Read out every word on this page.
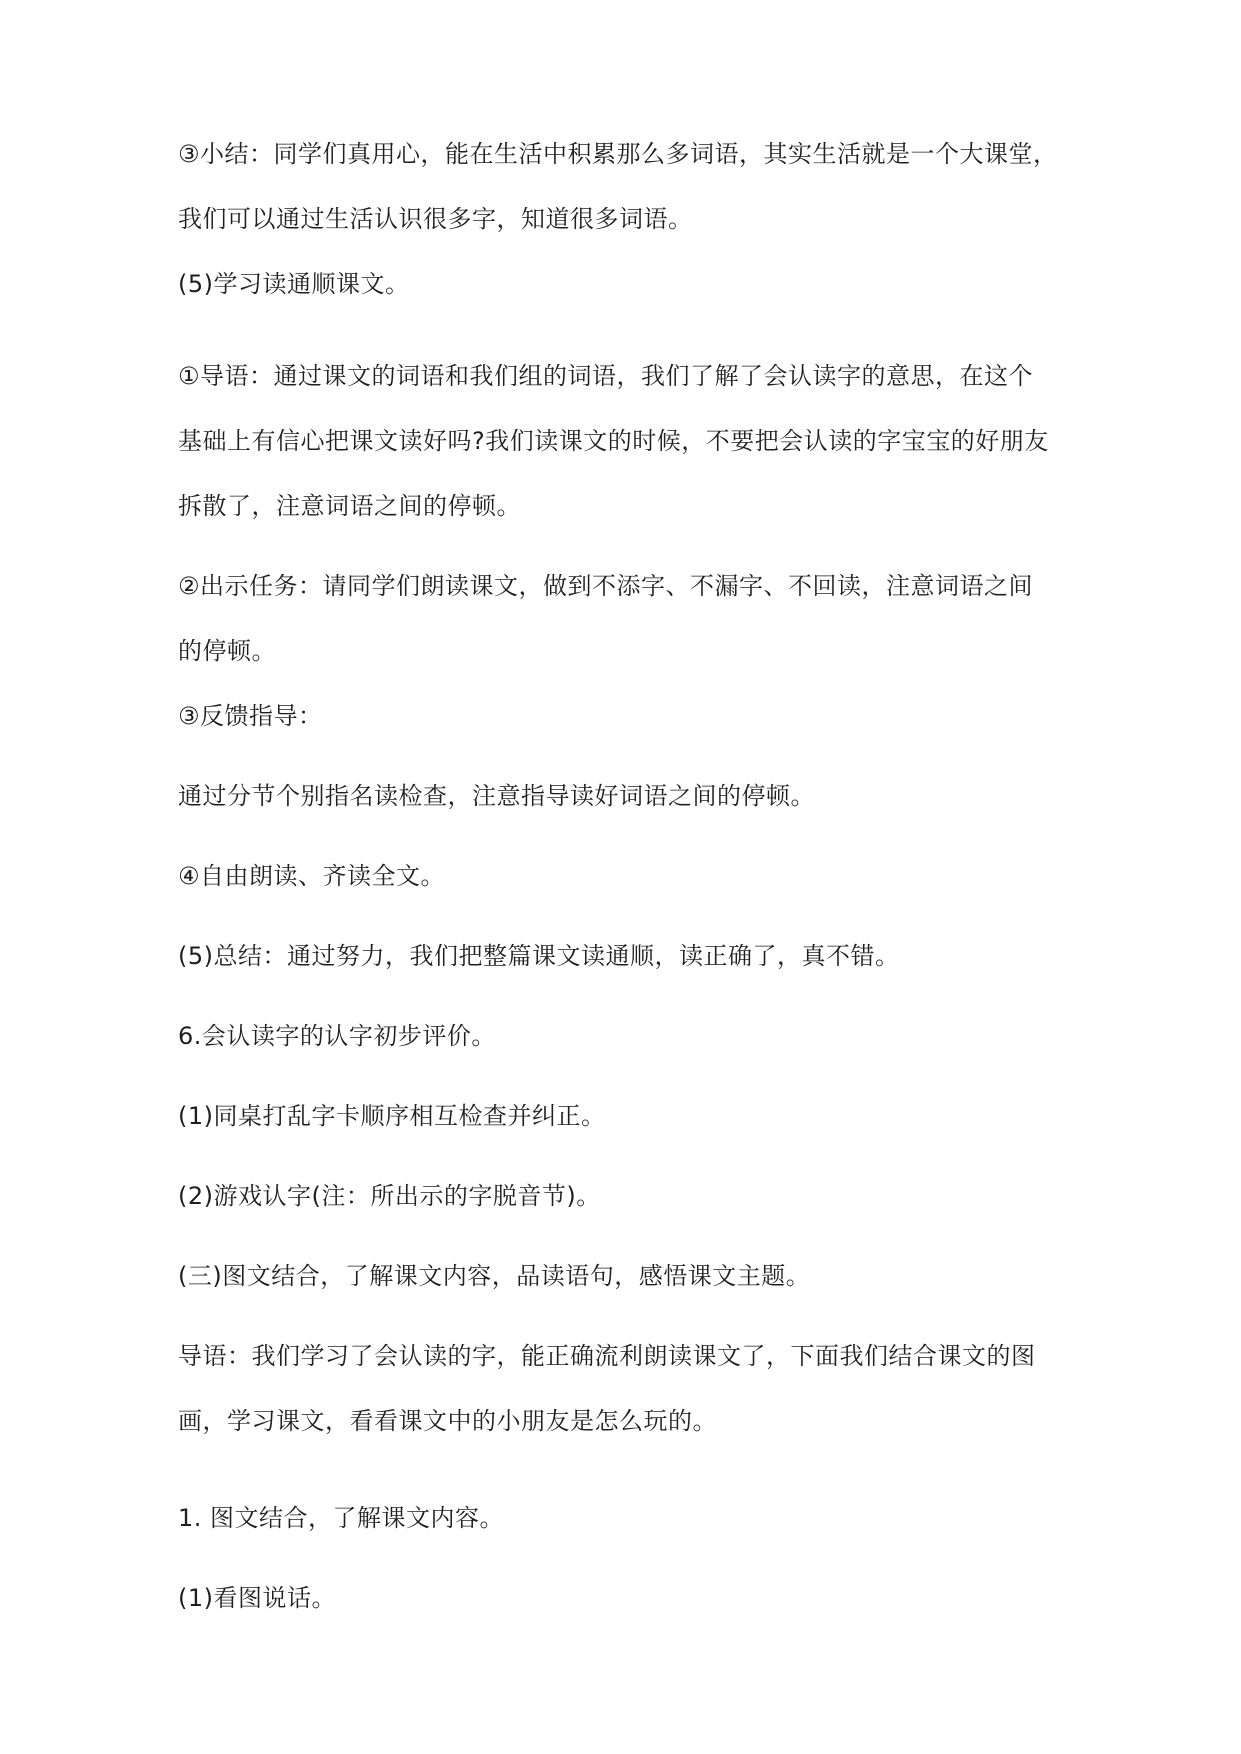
③小结：同学们真用心，能在生活中积累那么多词语，其实生活就是一个大课堂，
我们可以通过生活认识很多字，知道很多词语。

(5)学习读通顺课文。

①导语：通过课文的词语和我们组的词语，我们了解了会认读字的意思，在这个
基础上有信心把课文读好吗?我们读课文的时候，不要把会认读的字宝宝的好朋友
拆散了，注意词语之间的停顿。

②出示任务：请同学们朗读课文，做到不添字、不漏字、不回读，注意词语之间
的停顿。

③反馈指导：

通过分节个别指名读检查，注意指导读好词语之间的停顿。

④自由朗读、齐读全文。

(5)总结：通过努力，我们把整篇课文读通顺，读正确了，真不错。

6.会认读字的认字初步评价。

(1)同桌打乱字卡顺序相互检查并纠正。

(2)游戏认字(注：所出示的字脱音节)。

(三)图文结合，了解课文内容，品读语句，感悟课文主题。

导语：我们学习了会认读的字，能正确流利朗读课文了，下面我们结合课文的图
画，学习课文，看看课文中的小朋友是怎么玩的。

1. 图文结合，了解课文内容。

(1)看图说话。
